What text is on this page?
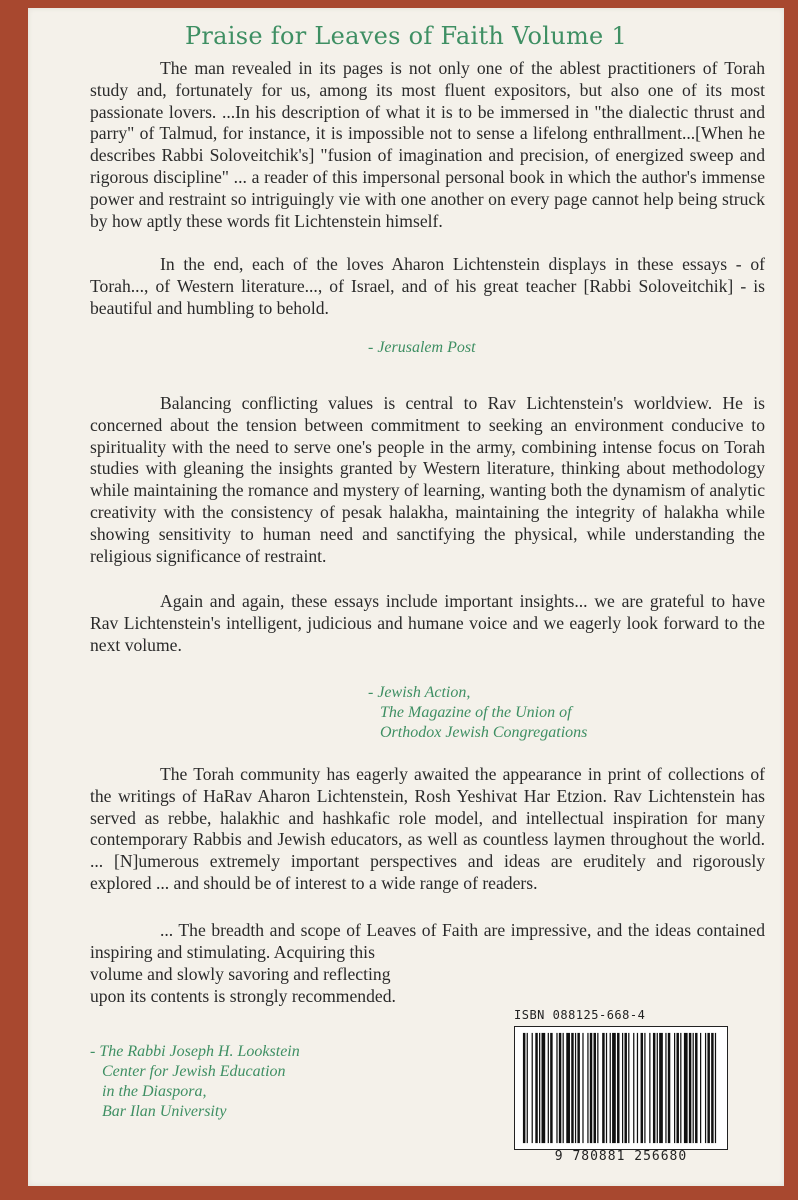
Praise for Leaves of Faith Volume 1

The man revealed in its pages is not only one of the ablest practitioners of Torah study and, fortunately for us, among its most fluent expositors, but also one of its most passionate lovers. ...In his description of what it is to be immersed in "the dialectic thrust and parry" of Talmud, for instance, it is impossible not to sense a lifelong enthrallment...[When he describes Rabbi Soloveitchik's] "fusion of imagination and precision, of energized sweep and rigorous discipline" ... a reader of this impersonal personal book in which the author's immense power and restraint so intriguingly vie with one another on every page cannot help being struck by how aptly these words fit Lichtenstein himself.

In the end, each of the loves Aharon Lichtenstein displays in these essays - of Torah..., of Western literature..., of Israel, and of his great teacher [Rabbi Soloveitchik] - is beautiful and humbling to behold.

- Jerusalem Post

Balancing conflicting values is central to Rav Lichtenstein's worldview. He is concerned about the tension between commitment to seeking an environment conducive to spirituality with the need to serve one's people in the army, combining intense focus on Torah studies with gleaning the insights granted by Western literature, thinking about methodology while maintaining the romance and mystery of learning, wanting both the dynamism of analytic creativity with the consistency of pesak halakha, maintaining the integrity of halakha while showing sensitivity to human need and sanctifying the physical, while understanding the religious significance of restraint.

Again and again, these essays include important insights... we are grateful to have Rav Lichtenstein's intelligent, judicious and humane voice and we eagerly look forward to the next volume.

- Jewish Action,
The Magazine of the Union of
Orthodox Jewish Congregations

The Torah community has eagerly awaited the appearance in print of collections of the writings of HaRav Aharon Lichtenstein, Rosh Yeshivat Har Etzion. Rav Lichtenstein has served as rebbe, halakhic and hashkafic role model, and intellectual inspiration for many contemporary Rabbis and Jewish educators, as well as countless laymen throughout the world. ... [N]umerous extremely important perspectives and ideas are eruditely and rigorously explored ... and should be of interest to a wide range of readers.

... The breadth and scope of Leaves of Faith are impressive, and the ideas contained inspiring and stimulating. Acquiring this

volume and slowly savoring and reflecting upon its contents is strongly recommended.

- The Rabbi Joseph H. Lookstein
Center for Jewish Education
in the Diaspora,
Bar Ilan University
ISBN 088125-668-4
9 780881 256680
